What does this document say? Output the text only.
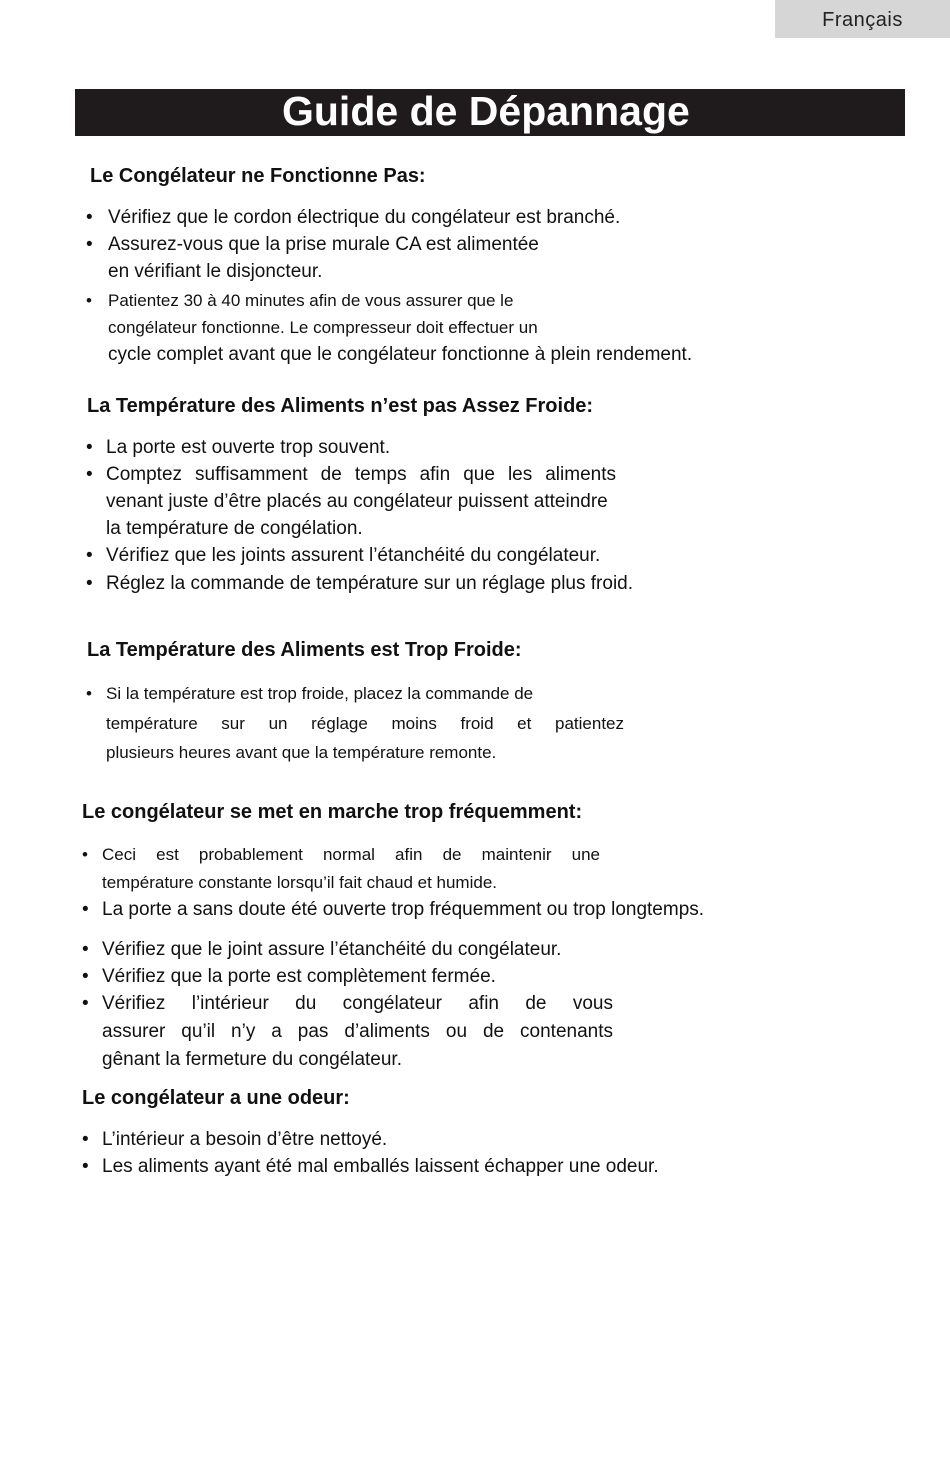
Français
Guide de Dépannage
Le Congélateur ne Fonctionne Pas:
• Vérifiez que le cordon électrique du congélateur est branché.
• Assurez-vous que la prise murale CA est alimentée
en vérifiant le disjoncteur.
• Patientez 30 à 40 minutes afin de vous assurer que le
congélateur fonctionne. Le compresseur doit effectuer un
cycle complet avant que le congélateur fonctionne à plein rendement.
La Température des Aliments n’est pas Assez Froide:
• La porte est ouverte trop souvent.
• Comptez suffisamment de temps afin que les aliments
venant juste d’être placés au congélateur puissent atteindre
la température de congélation.
• Vérifiez que les joints assurent l’étanchéité du congélateur.
• Réglez la commande de température sur un réglage plus froid.
La Température des Aliments est Trop Froide:
• Si la température est trop froide, placez la commande de
température sur un réglage moins froid et patientez
plusieurs heures avant que la température remonte.
Le congélateur se met en marche trop fréquemment:
• Ceci est probablement normal afin de maintenir une
température constante lorsqu’il fait chaud et humide.
• La porte a sans doute été ouverte trop fréquemment ou trop longtemps.
• Vérifiez que le joint assure l’étanchéité du congélateur.
• Vérifiez que la porte est complètement fermée.
• Vérifiez l’intérieur du congélateur afin de vous
assurer qu’il n’y a pas d’aliments ou de contenants
gênant la fermeture du congélateur.
Le congélateur a une odeur:
• L’intérieur a besoin d’être nettoyé.
• Les aliments ayant été mal emballés laissent échapper une odeur.
